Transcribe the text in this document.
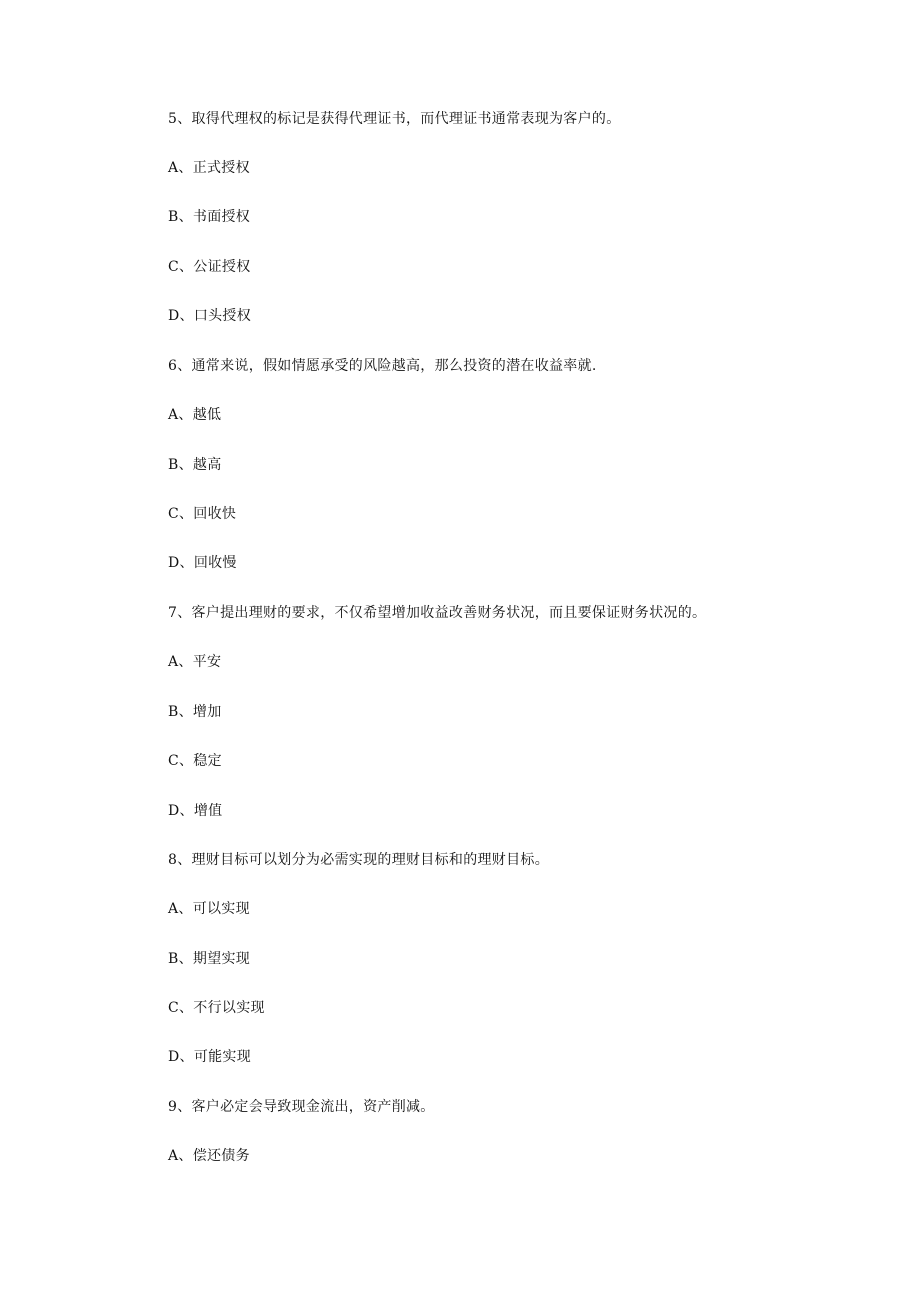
5、取得代理权的标记是获得代理证书，而代理证书通常表现为客户的。
A、正式授权
B、书面授权
C、公证授权
D、口头授权
6、通常来说，假如情愿承受的风险越高，那么投资的潜在收益率就.
A、越低
B、越高
C、回收快
D、回收慢
7、客户提出理财的要求，不仅希望增加收益改善财务状况，而且要保证财务状况的。
A、平安
B、增加
C、稳定
D、增值
8、理财目标可以划分为必需实现的理财目标和的理财目标。
A、可以实现
B、期望实现
C、不行以实现
D、可能实现
9、客户必定会导致现金流出，资产削减。
A、偿还债务
